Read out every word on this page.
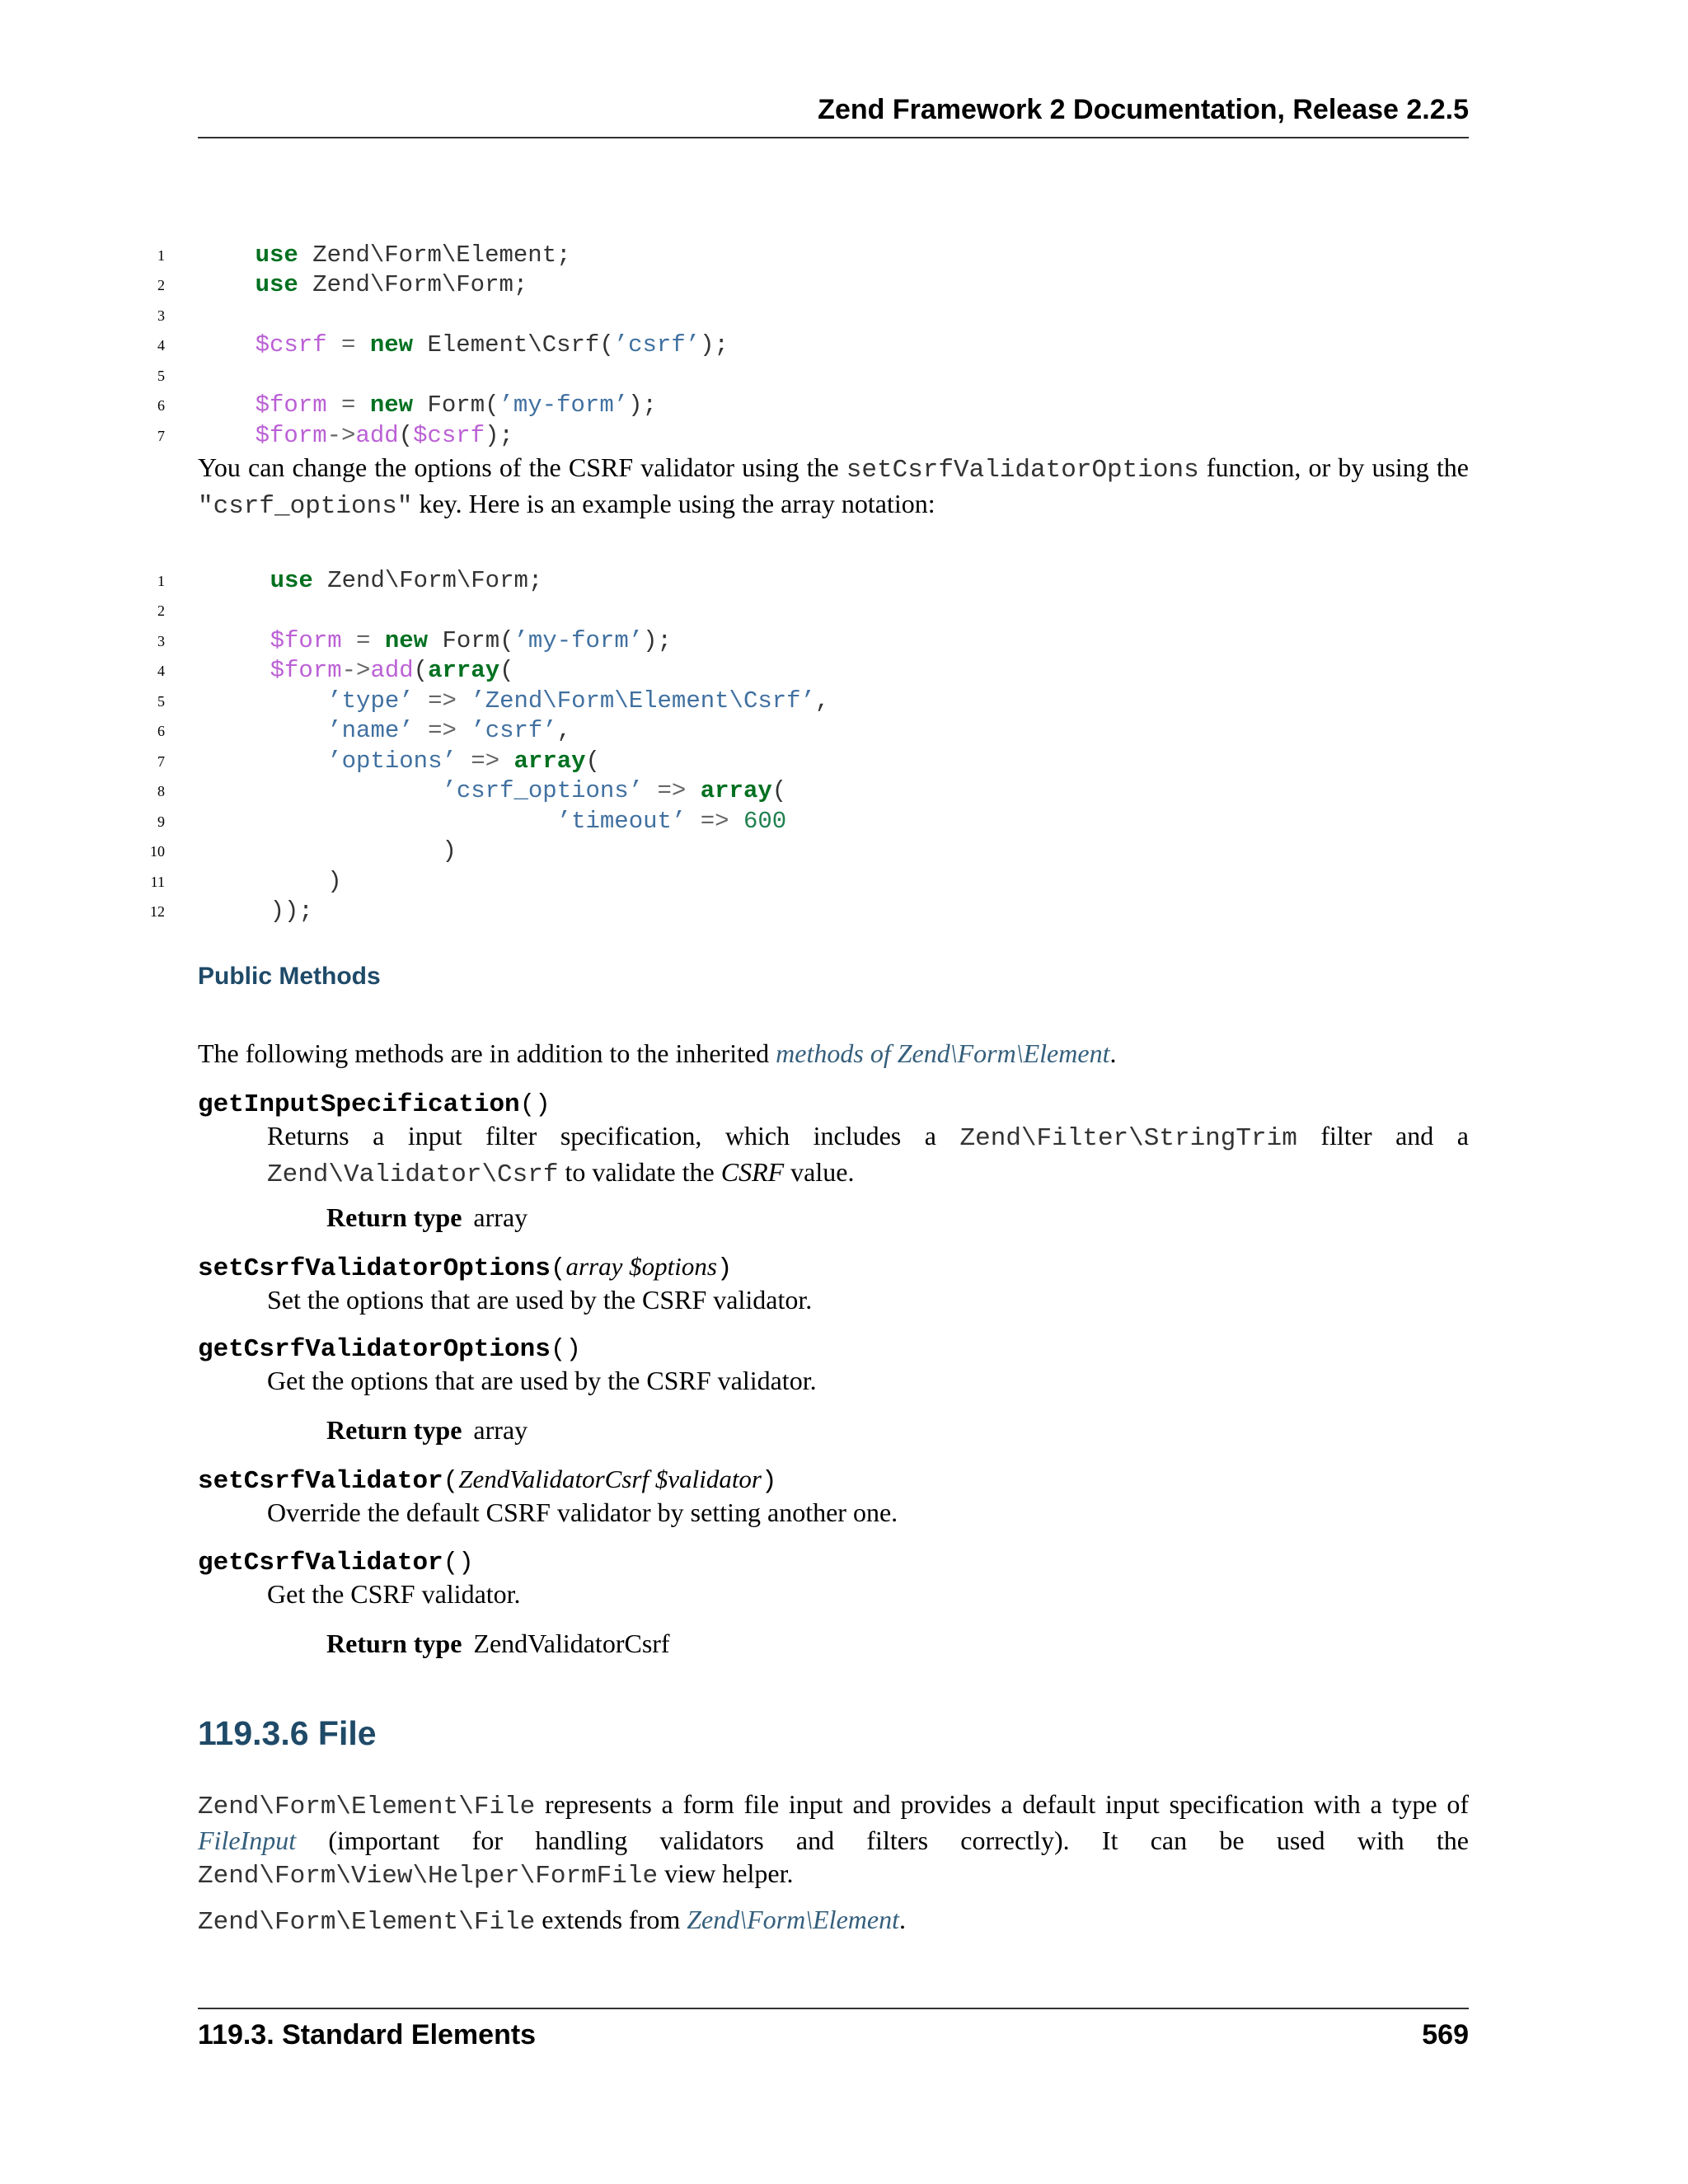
Zend Framework 2 Documentation, Release 2.2.5

1	use Zend\Form\Element;

2	use Zend\Form\Form;

3

4	$csrf = new Element\Csrf(’csrf’);

5

6	$form = new Form(’my-form’);

7	$form->add($csrf);

You can change the options of the CSRF validator using the setCsrfValidatorOptions function, or by using the "csrf_options" key. Here is an example using the array notation:

1	use Zend\Form\Form;

2

3	$form = new Form(’my-form’);

4	$form->add(array(

5	’type’ => ’Zend\Form\Element\Csrf’,

6	’name’ => ’csrf’,

7	’options’ => array(

8	’csrf_options’ => array(

9	’timeout’ => 600

10	)

11	)

12	));

Public Methods
The following methods are in addition to the inherited methods of Zend\Form\Element.
getInputSpecification()
Returns a input filter specification, which includes a Zend\Filter\StringTrim filter and a Zend\Validator\Csrf to validate the CSRF value.
Return type array
setCsrfValidatorOptions(array $options)
Set the options that are used by the CSRF validator.
getCsrfValidatorOptions()
Get the options that are used by the CSRF validator.
Return type array
setCsrfValidator(ZendValidatorCsrf $validator)
Override the default CSRF validator by setting another one.
getCsrfValidator()
Get the CSRF validator.
Return type ZendValidatorCsrf
119.3.6 File
Zend\Form\Element\File represents a form file input and provides a default input specification with a type of FileInput (important for handling validators and filters correctly). It can be used with the Zend\Form\View\Helper\FormFile view helper.
Zend\Form\Element\File extends from Zend\Form\Element.
119.3. Standard Elements	569
